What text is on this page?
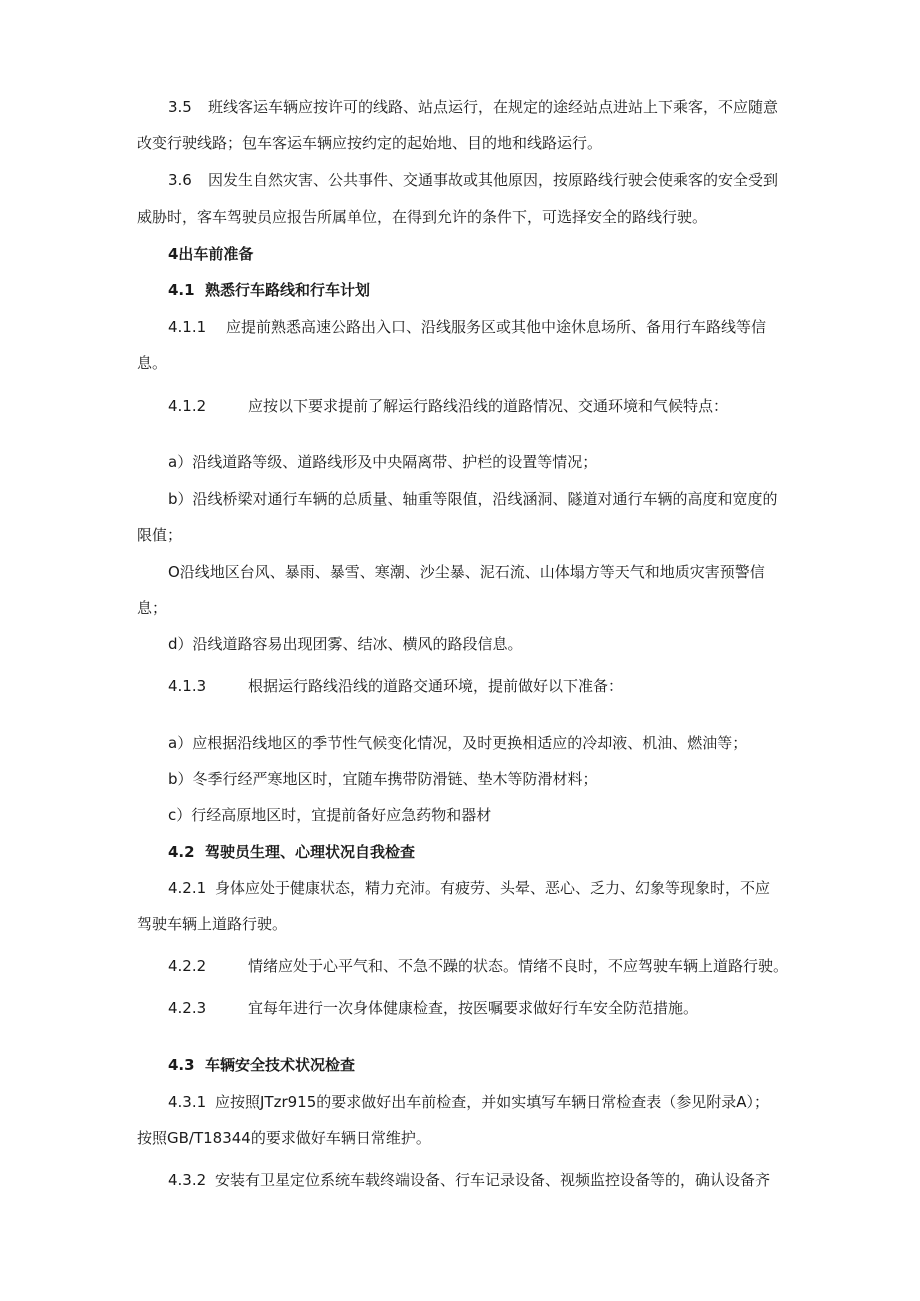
3.5 班线客运车辆应按许可的线路、站点运行，在规定的途经站点进站上下乘客，不应随意
改变行驶线路；包车客运车辆应按约定的起始地、目的地和线路运行。
3.6 因发生自然灾害、公共事件、交通事故或其他原因，按原路线行驶会使乘客的安全受到
威胁时，客车驾驶员应报告所属单位，在得到允许的条件下，可选择安全的路线行驶。
4出车前准备
4.1 熟悉行车路线和行车计划
4.1.1 应提前熟悉高速公路出入口、沿线服务区或其他中途休息场所、备用行车路线等信
息。
4.1.2	应按以下要求提前了解运行路线沿线的道路情况、交通环境和气候特点：
a）沿线道路等级、道路线形及中央隔离带、护栏的设置等情况；
b）沿线桥梁对通行车辆的总质量、轴重等限值，沿线涵洞、隧道对通行车辆的高度和宽度的
限值；
O沿线地区台风、暴雨、暴雪、寒潮、沙尘暴、泥石流、山体塌方等天气和地质灾害预警信
息；
d）沿线道路容易出现团雾、结冰、横风的路段信息。
4.1.3	根据运行路线沿线的道路交通环境，提前做好以下准备：
a）应根据沿线地区的季节性气候变化情况，及时更换相适应的冷却液、机油、燃油等；
b）冬季行经严寒地区时，宜随车携带防滑链、垫木等防滑材料；
c）行经高原地区时，宜提前备好应急药物和器材
4.2 驾驶员生理、心理状况自我检查
4.2.1 身体应处于健康状态，精力充沛。有疲劳、头晕、恶心、乏力、幻象等现象时，不应
驾驶车辆上道路行驶。
4.2.2	情绪应处于心平气和、不急不躁的状态。情绪不良时，不应驾驶车辆上道路行驶。
4.2.3	宜每年进行一次身体健康检查，按医嘱要求做好行车安全防范措施。
4.3 车辆安全技术状况检查
4.3.1 应按照JTzr915的要求做好出车前检查，并如实填写车辆日常检查表（参见附录A）；
按照GB/T18344的要求做好车辆日常维护。
4.3.2 安装有卫星定位系统车载终端设备、行车记录设备、视频监控设备等的，确认设备齐
